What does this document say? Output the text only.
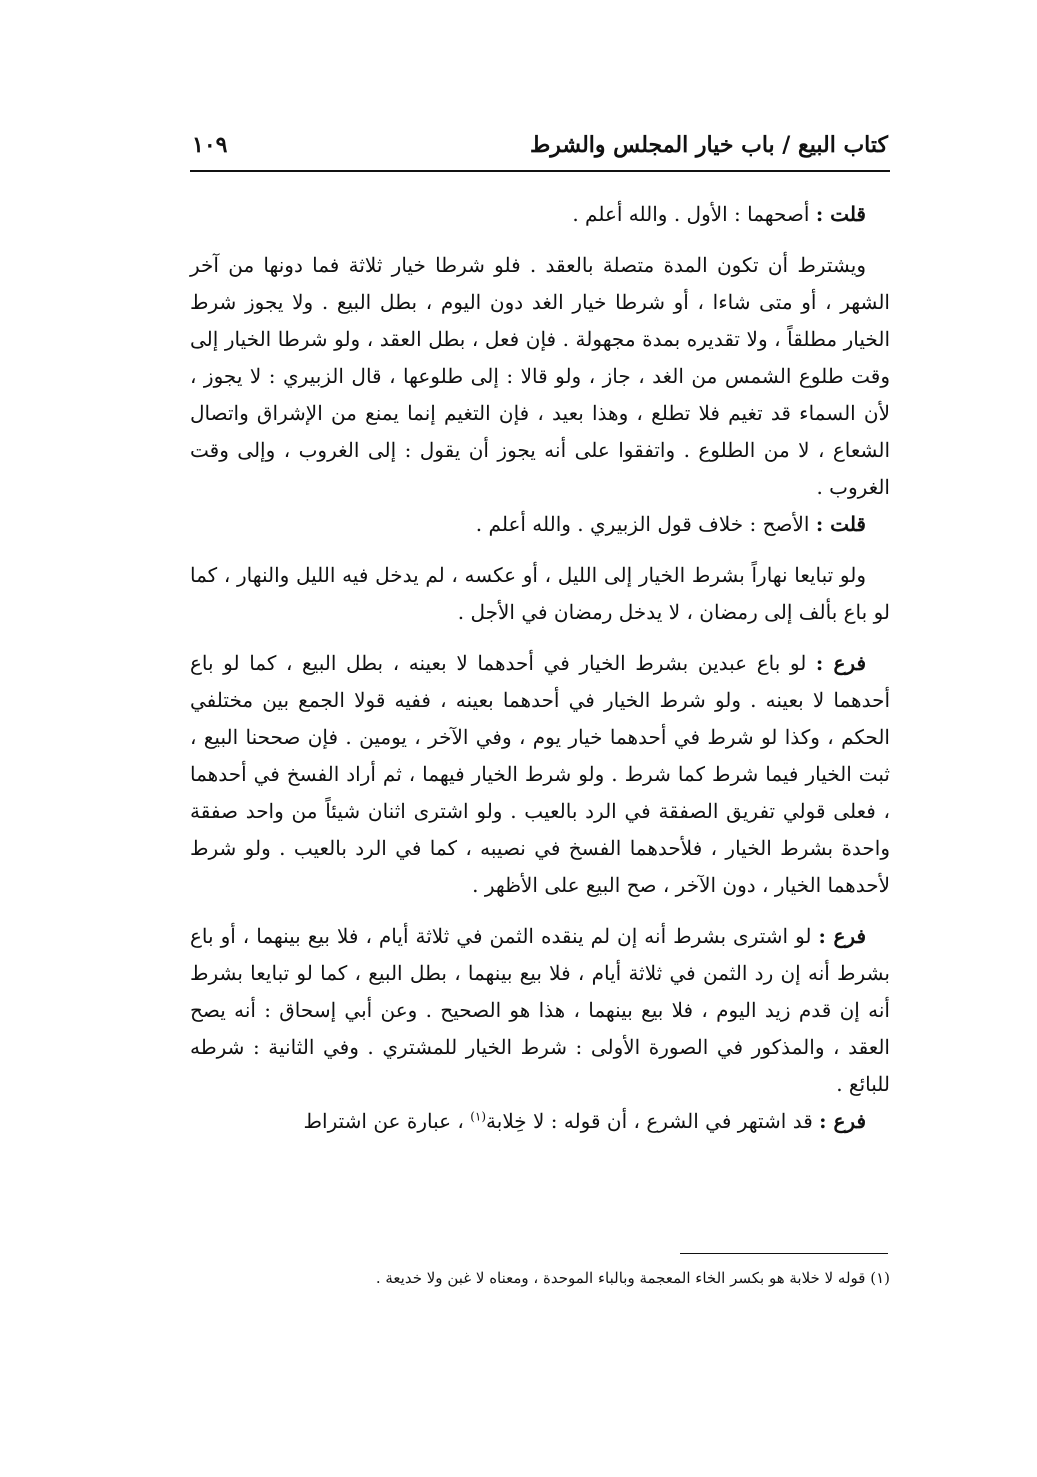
كتاب البيع / باب خيار المجلس والشرط
١٠٩

قلت : أصحهما : الأول . والله أعلم .

ويشترط أن تكون المدة متصلة بالعقد . فلو شرطا خيار ثلاثة فما دونها من آخر الشهر ، أو متى شاءا ، أو شرطا خيار الغد دون اليوم ، بطل البيع . ولا يجوز شرط الخيار مطلقاً ، ولا تقديره بمدة مجهولة . فإن فعل ، بطل العقد ، ولو شرطا الخيار إلى وقت طلوع الشمس من الغد ، جاز ، ولو قالا : إلى طلوعها ، قال الزبيري : لا يجوز ، لأن السماء قد تغيم فلا تطلع ، وهذا بعيد ، فإن التغيم إنما يمنع من الإشراق واتصال الشعاع ، لا من الطلوع . واتفقوا على أنه يجوز أن يقول : إلى الغروب ، وإلى وقت الغروب .

قلت : الأصح : خلاف قول الزبيري . والله أعلم .

ولو تبايعا نهاراً بشرط الخيار إلى الليل ، أو عكسه ، لم يدخل فيه الليل والنهار ، كما لو باع بألف إلى رمضان ، لا يدخل رمضان في الأجل .

فرع : لو باع عبدين بشرط الخيار في أحدهما لا بعينه ، بطل البيع ، كما لو باع أحدهما لا بعينه . ولو شرط الخيار في أحدهما بعينه ، ففيه قولا الجمع بين مختلفي الحكم ، وكذا لو شرط في أحدهما خيار يوم ، وفي الآخر ، يومين . فإن صححنا البيع ، ثبت الخيار فيما شرط كما شرط . ولو شرط الخيار فيهما ، ثم أراد الفسخ في أحدهما ، فعلى قولي تفريق الصفقة في الرد بالعيب . ولو اشترى اثنان شيئاً من واحد صفقة واحدة بشرط الخيار ، فلأحدهما الفسخ في نصيبه ، كما في الرد بالعيب . ولو شرط لأحدهما الخيار ، دون الآخر ، صح البيع على الأظهر .

فرع : لو اشترى بشرط أنه إن لم ينقده الثمن في ثلاثة أيام ، فلا بيع بينهما ، أو باع بشرط أنه إن رد الثمن في ثلاثة أيام ، فلا بيع بينهما ، بطل البيع ، كما لو تبايعا بشرط أنه إن قدم زيد اليوم ، فلا بيع بينهما ، هذا هو الصحيح . وعن أبي إسحاق : أنه يصح العقد ، والمذكور في الصورة الأولى : شرط الخيار للمشتري . وفي الثانية : شرطه للبائع .

فرع : قد اشتهر في الشرع ، أن قوله : لا خِلابة$^{(١)}$ ، عبارة عن اشتراط

(١) قوله لا خلابة هو بكسر الخاء المعجمة وبالباء الموحدة ، ومعناه لا غبن ولا خديعة .
